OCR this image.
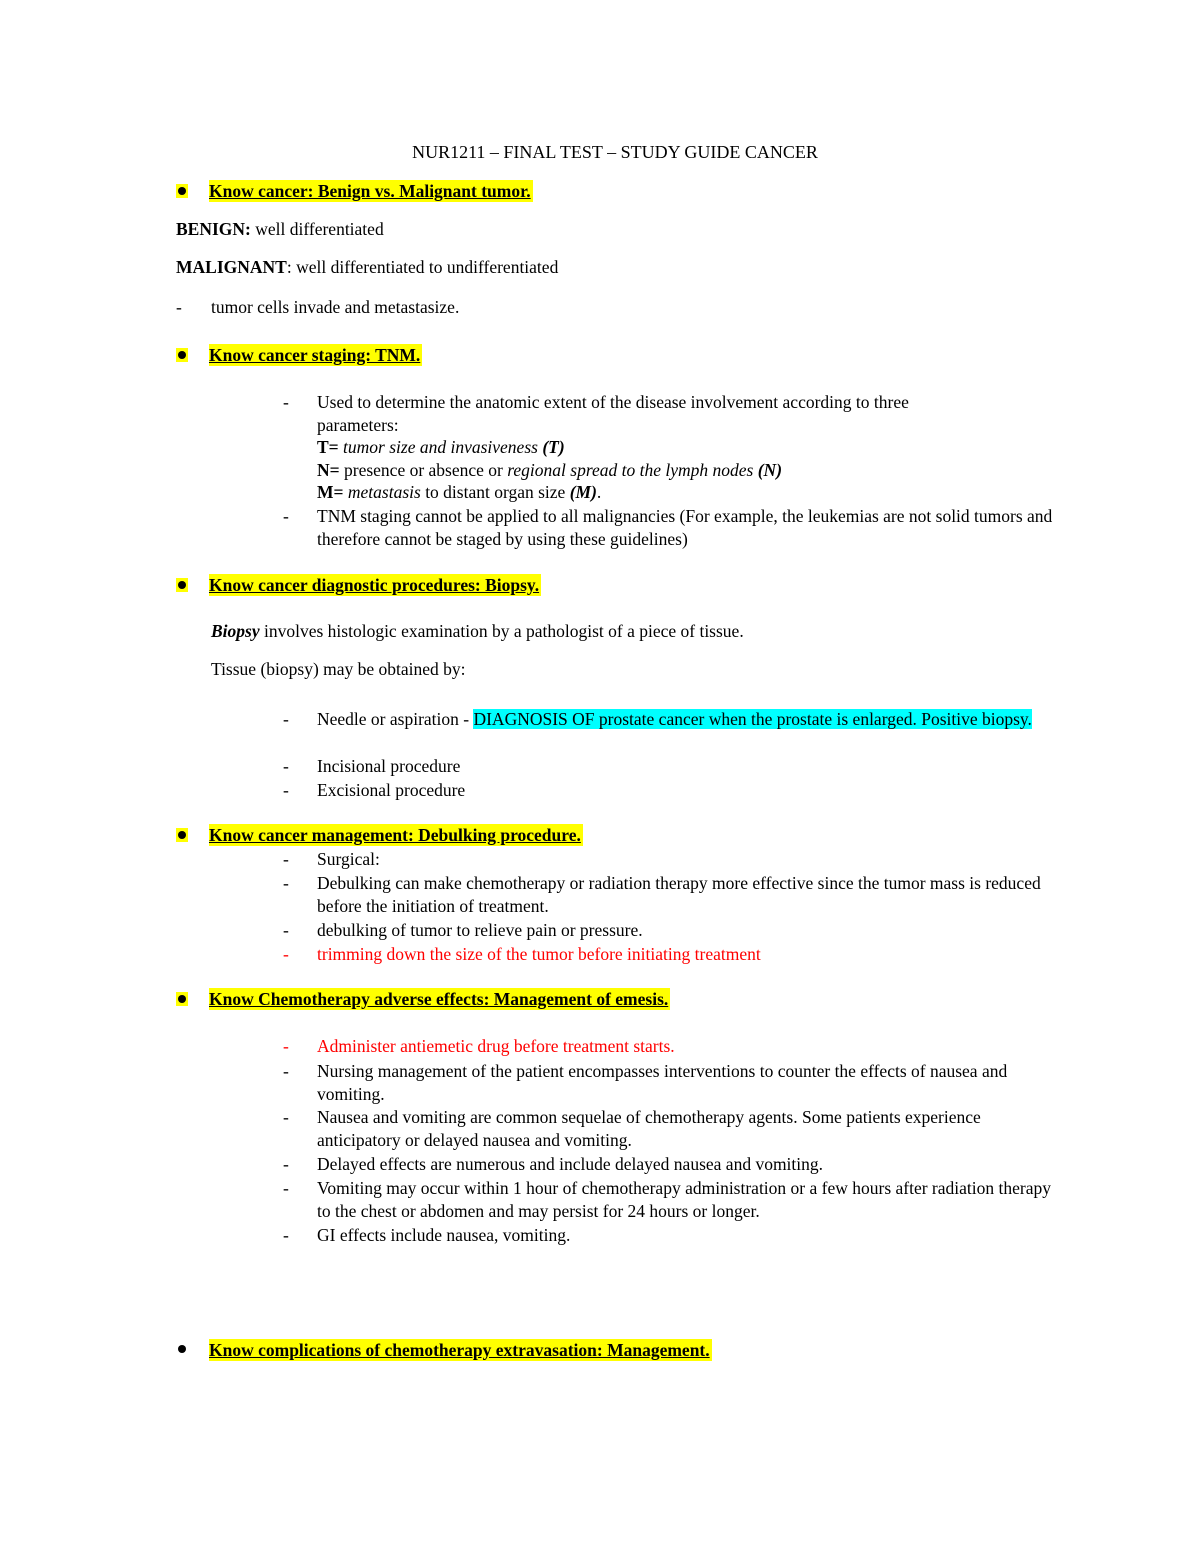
NUR1211 – FINAL TEST – STUDY GUIDE CANCER
Know cancer: Benign vs. Malignant tumor.
BENIGN: well differentiated
MALIGNANT: well differentiated to undifferentiated
- tumor cells invade and metastasize.
Know cancer staging: TNM.
- Used to determine the anatomic extent of the disease involvement according to three
parameters:
T= tumor size and invasiveness (T)
N= presence or absence or regional spread to the lymph nodes (N)
M= metastasis to distant organ size (M).
- TNM staging cannot be applied to all malignancies (For example, the leukemias are not solid tumors and therefore cannot be staged by using these guidelines)
Know cancer diagnostic procedures: Biopsy.
Biopsy involves histologic examination by a pathologist of a piece of tissue.
Tissue (biopsy) may be obtained by:
- Needle or aspiration - DIAGNOSIS OF prostate cancer when the prostate is enlarged. Positive biopsy.
- Incisional procedure
- Excisional procedure
Know cancer management: Debulking procedure.
- Surgical:
- Debulking can make chemotherapy or radiation therapy more effective since the tumor mass is reduced before the initiation of treatment.
- debulking of tumor to relieve pain or pressure.
- trimming down the size of the tumor before initiating treatment
Know Chemotherapy adverse effects: Management of emesis.
- Administer antiemetic drug before treatment starts.
- Nursing management of the patient encompasses interventions to counter the effects of nausea and vomiting.
- Nausea and vomiting are common sequelae of chemotherapy agents. Some patients experience anticipatory or delayed nausea and vomiting.
- Delayed effects are numerous and include delayed nausea and vomiting.
- Vomiting may occur within 1 hour of chemotherapy administration or a few hours after radiation therapy to the chest or abdomen and may persist for 24 hours or longer.
- GI effects include nausea, vomiting.
Know complications of chemotherapy extravasation: Management.
